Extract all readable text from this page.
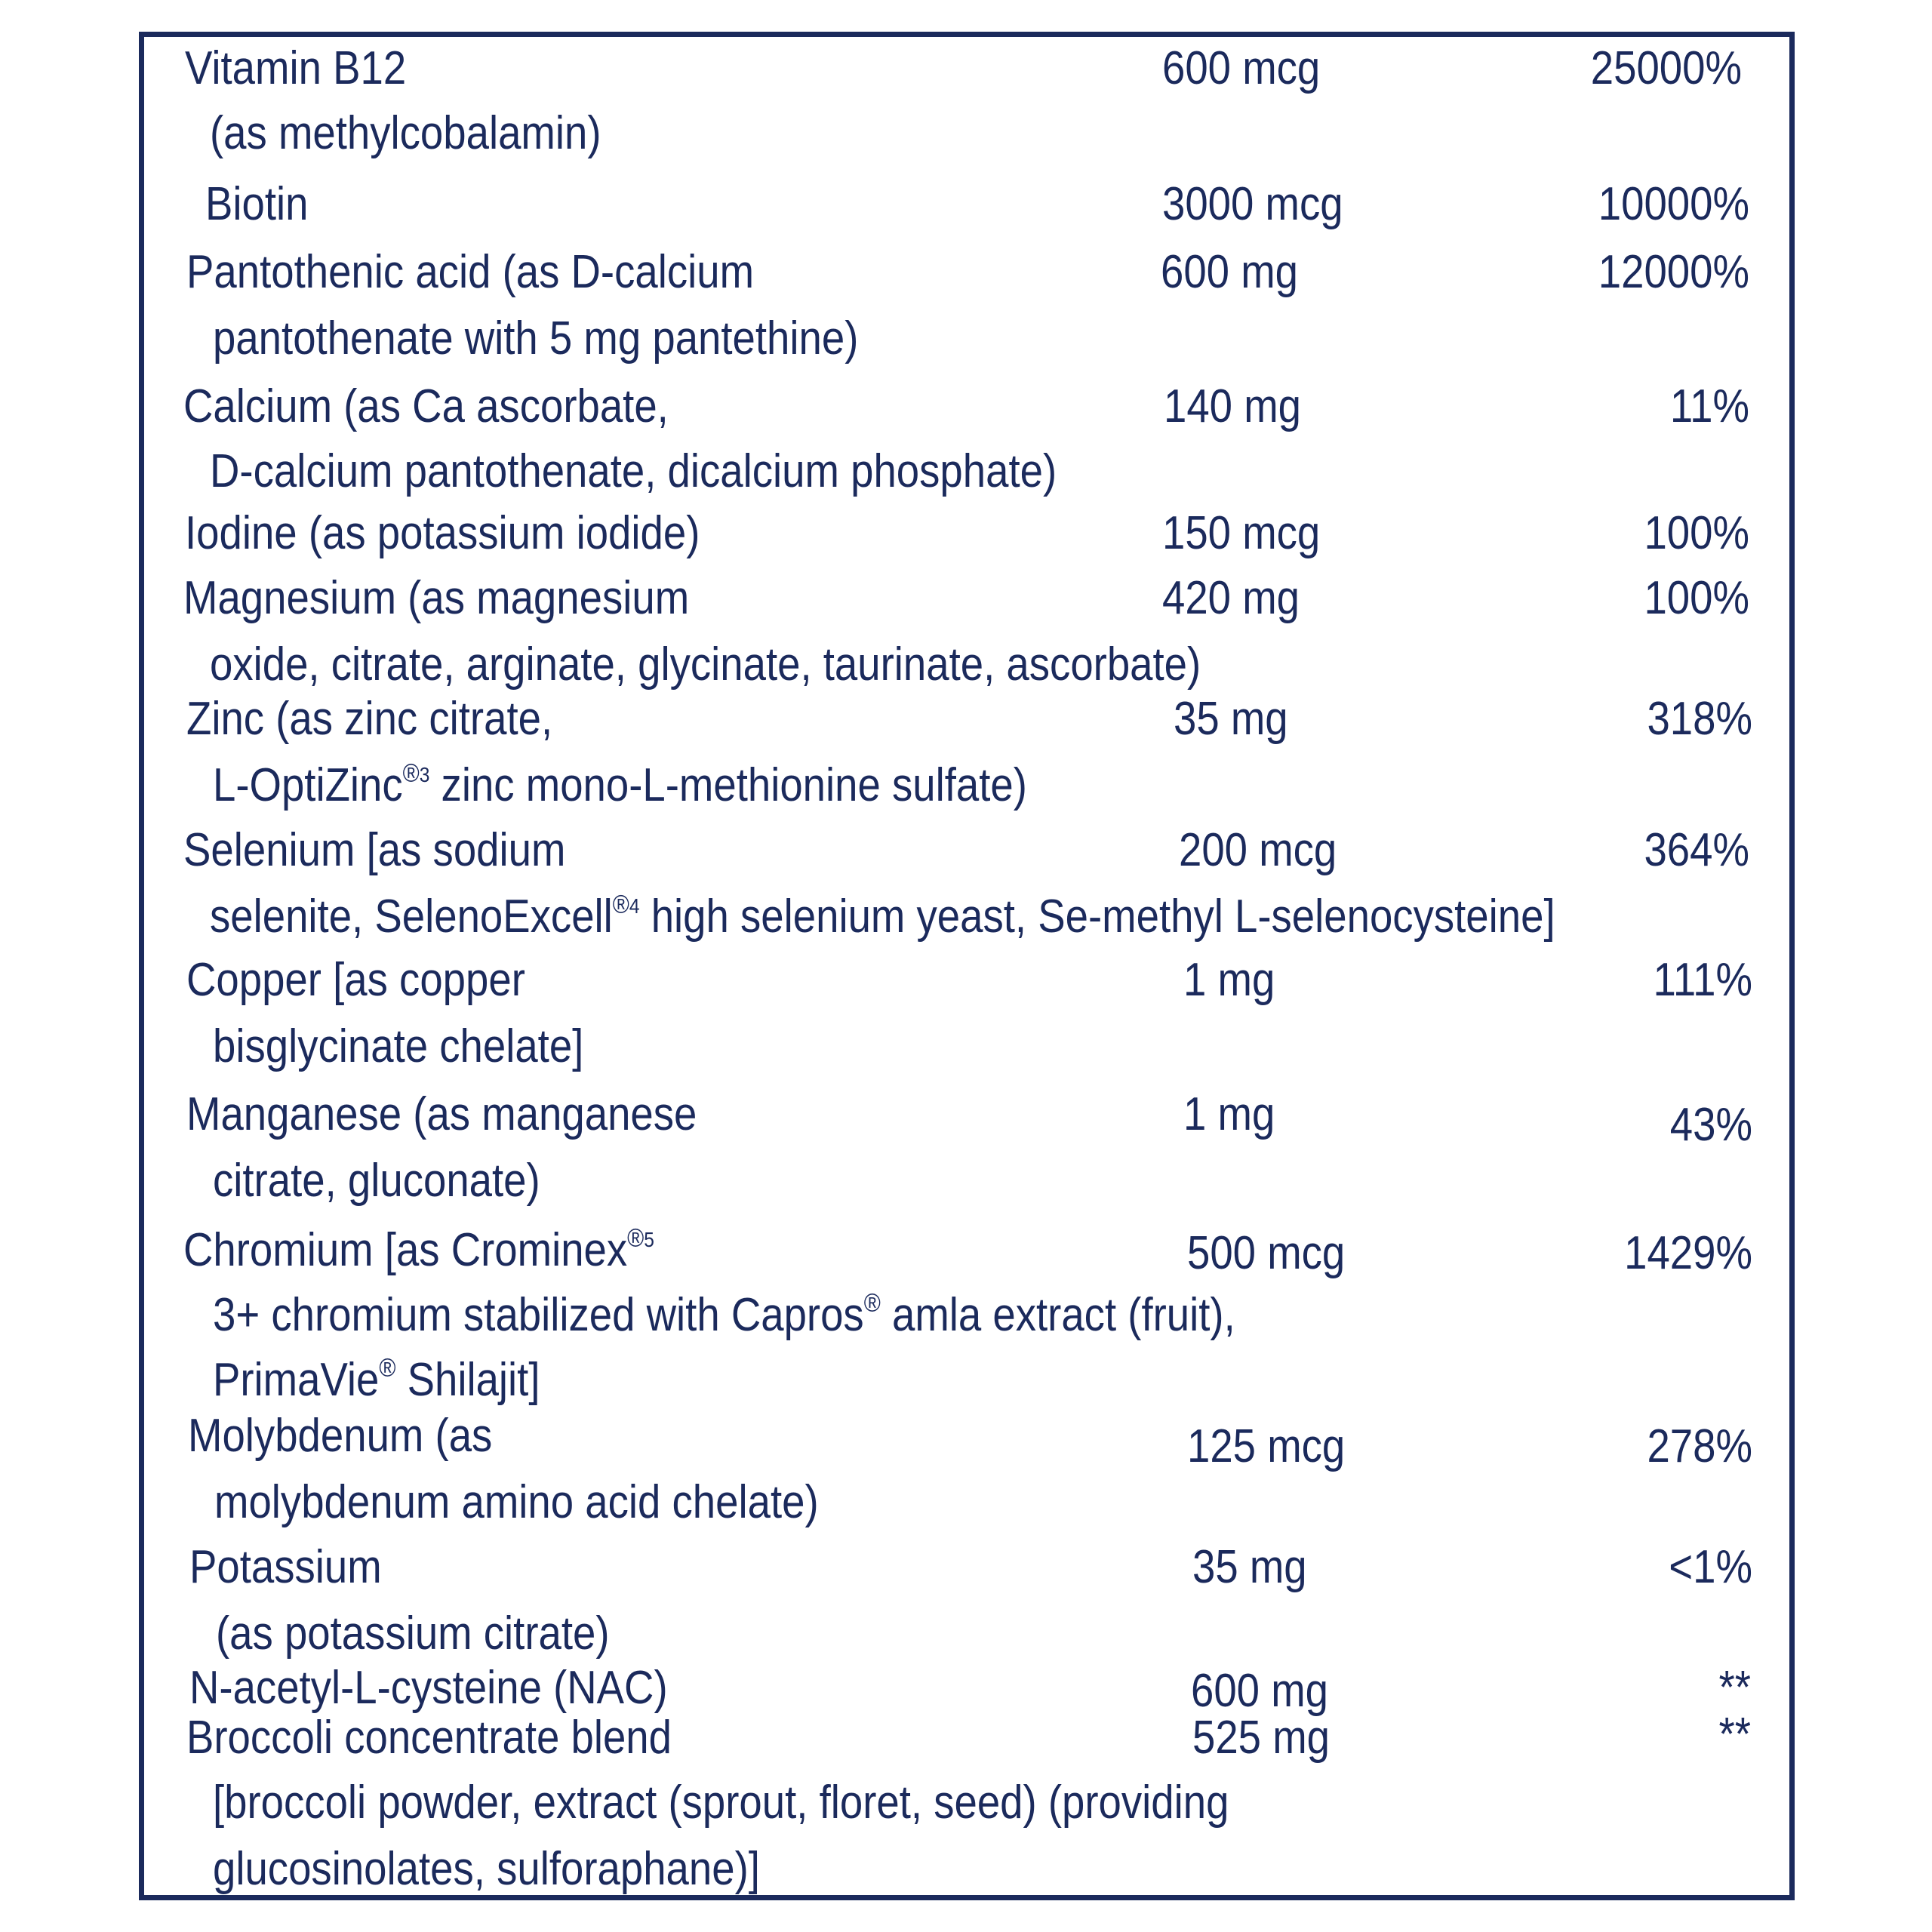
Vitamin B12
(as methylcobalamin)
600 mcg	25000%
Biotin	3000 mcg	10000%
Pantothenic acid (as D-calcium
pantothenate with 5 mg pantethine)
600 mg	12000%
Calcium (as Ca ascorbate,
D-calcium pantothenate, dicalcium phosphate)
140 mg	11%
Iodine (as potassium iodide)	150 mcg	100%
Magnesium (as magnesium
oxide, citrate, arginate, glycinate, taurinate, ascorbate)
420 mg	100%
Zinc (as zinc citrate,
L-OptiZinc$^{®3}$ zinc mono-L-methionine sulfate)
35 mg	318%
Selenium [as sodium
selenite, SelenoExcell$^{®4}$ high selenium yeast, Se-methyl L-selenocysteine]
200 mcg	364%
Copper [as copper
bisglycinate chelate]
1 mg	111%
Manganese (as manganese
citrate, gluconate)
1 mg	43%
Chromium [as Crominex$^{®5}$
3+ chromium stabilized with Capros® amla extract (fruit),
PrimaVie® Shilajit]
500 mcg	1429%
Molybdenum (as
molybdenum amino acid chelate)
125 mcg	278%
Potassium
(as potassium citrate)
35 mg	<1%
N-acetyl-L-cysteine (NAC)	600 mg	**
Broccoli concentrate blend
[broccoli powder, extract (sprout, floret, seed) (providing
glucosinolates, sulforaphane)]
525 mg	**
